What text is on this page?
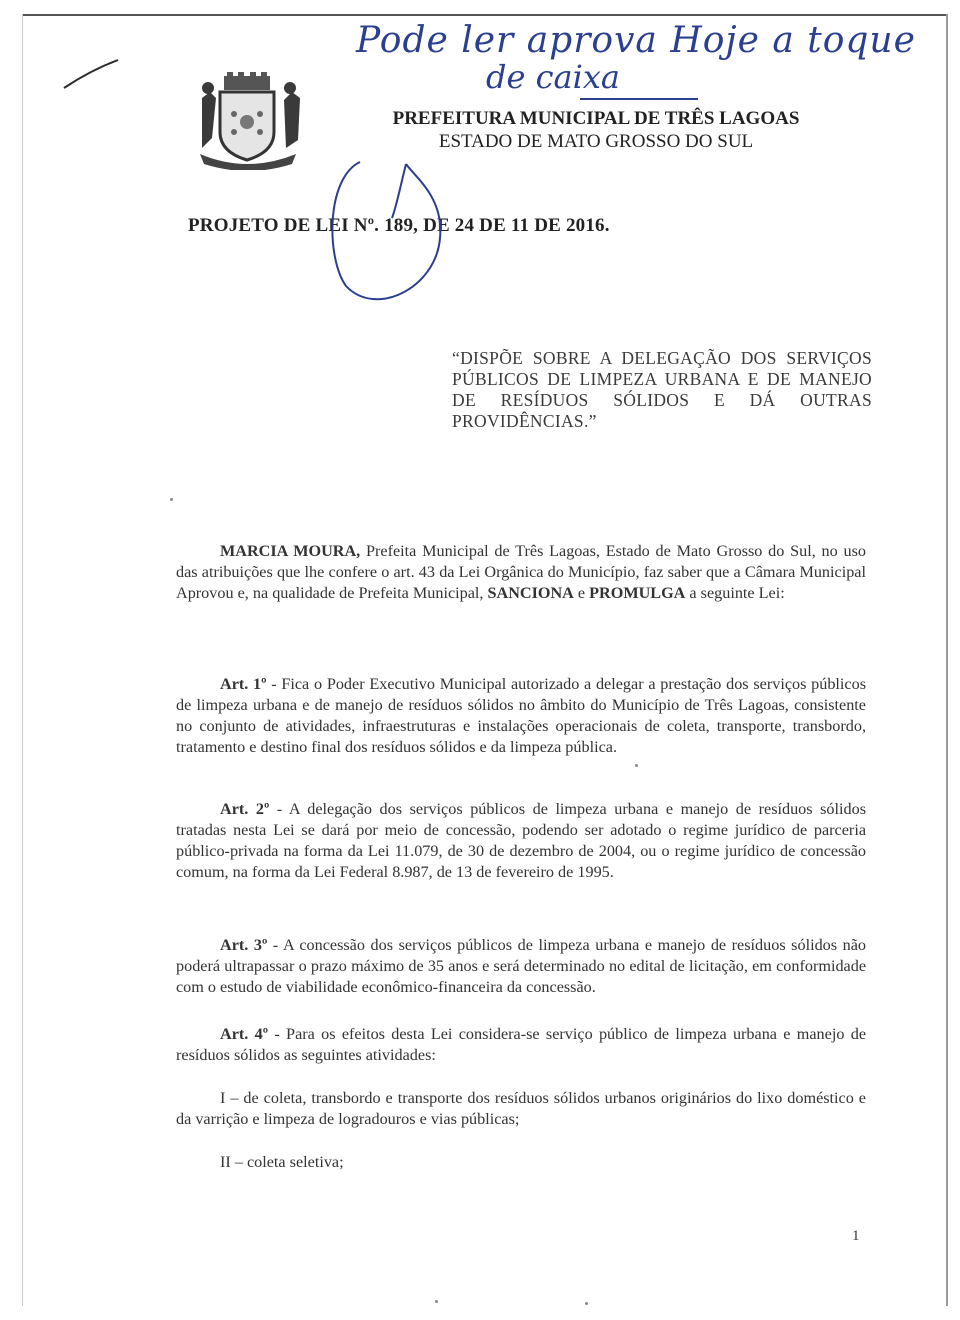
Pode ler aprova Hoje a toque
de caixa
PREFEITURA MUNICIPAL DE TRÊS LAGOAS
ESTADO DE MATO GROSSO DO SUL
PROJETO DE LEI Nº. 189, DE 24 DE 11 DE 2016.
“DISPÕE SOBRE A DELEGAÇÃO DOS SERVIÇOS PÚBLICOS DE LIMPEZA URBANA E DE MANEJO DE RESÍDUOS SÓLIDOS E DÁ OUTRAS PROVIDÊNCIAS.”
MARCIA MOURA, Prefeita Municipal de Três Lagoas, Estado de Mato Grosso do Sul, no uso das atribuições que lhe confere o art. 43 da Lei Orgânica do Município, faz saber que a Câmara Municipal Aprovou e, na qualidade de Prefeita Municipal, SANCIONA e PROMULGA a seguinte Lei:
Art. 1º - Fica o Poder Executivo Municipal autorizado a delegar a prestação dos serviços públicos de limpeza urbana e de manejo de resíduos sólidos no âmbito do Município de Três Lagoas, consistente no conjunto de atividades, infraestruturas e instalações operacionais de coleta, transporte, transbordo, tratamento e destino final dos resíduos sólidos e da limpeza pública.
Art. 2º - A delegação dos serviços públicos de limpeza urbana e manejo de resíduos sólidos tratadas nesta Lei se dará por meio de concessão, podendo ser adotado o regime jurídico de parceria público-privada na forma da Lei 11.079, de 30 de dezembro de 2004, ou o regime jurídico de concessão comum, na forma da Lei Federal 8.987, de 13 de fevereiro de 1995.
Art. 3º - A concessão dos serviços públicos de limpeza urbana e manejo de resíduos sólidos não poderá ultrapassar o prazo máximo de 35 anos e será determinado no edital de licitação, em conformidade com o estudo de viabilidade econômico-financeira da concessão.
Art. 4º - Para os efeitos desta Lei considera-se serviço público de limpeza urbana e manejo de resíduos sólidos as seguintes atividades:
I – de coleta, transbordo e transporte dos resíduos sólidos urbanos originários do lixo doméstico e da varrição e limpeza de logradouros e vias públicas;
II – coleta seletiva;
1
